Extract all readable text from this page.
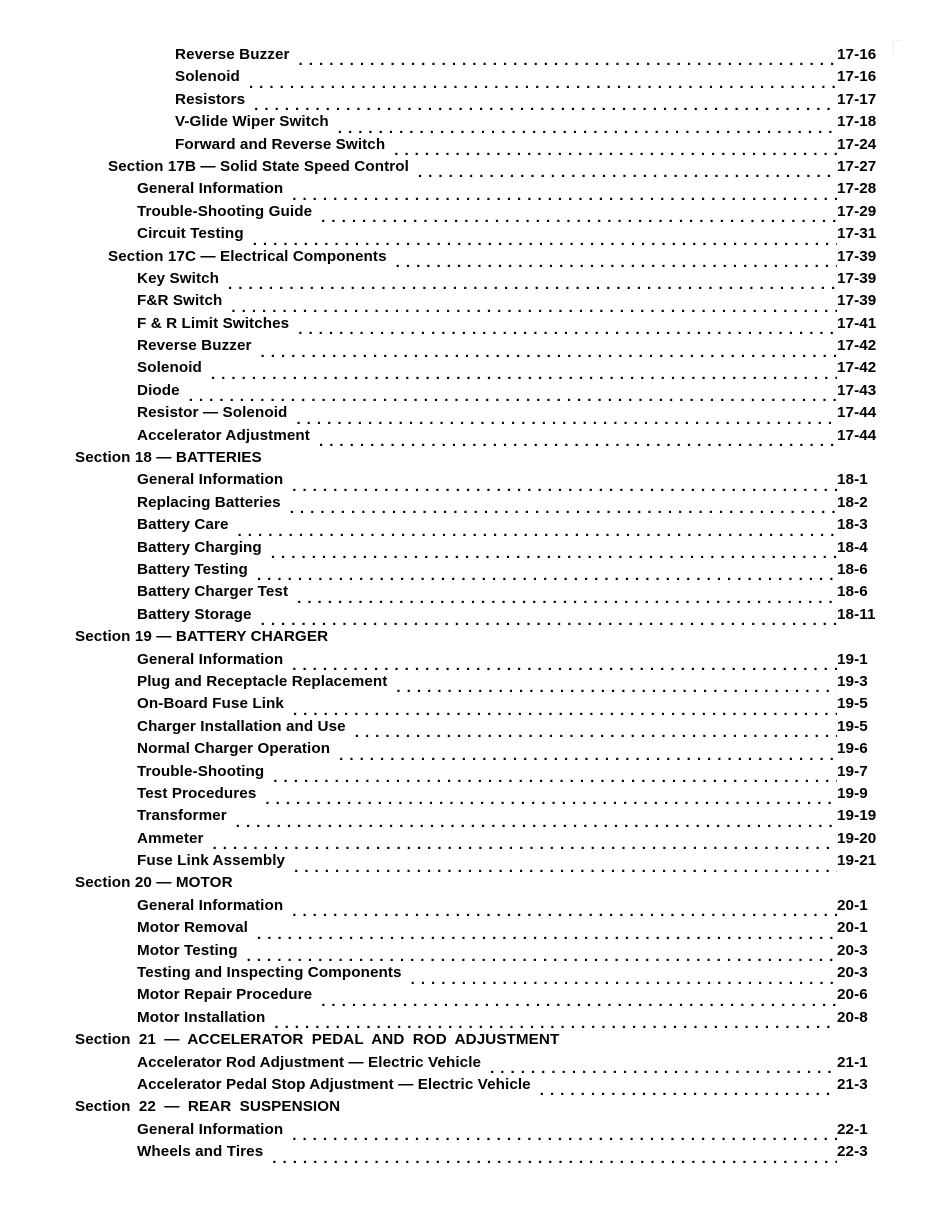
Reverse Buzzer .....	17-16
Solenoid .....	17-16
Resistors .....	17-17
V-Glide Wiper Switch .....	17-18
Forward and Reverse Switch .....	17-24
Section 17B — Solid State Speed Control .....	17-27
General Information .....	17-28
Trouble-Shooting Guide .....	17-29
Circuit Testing .....	17-31
Section 17C — Electrical Components .....	17-39
Key Switch .....	17-39
F&R Switch .....	17-39
F & R Limit Switches .....	17-41
Reverse Buzzer .....	17-42
Solenoid .....	17-42
Diode .....	17-43
Resistor — Solenoid .....	17-44
Accelerator Adjustment .....	17-44
Section 18 — BATTERIES
General Information .....	18-1
Replacing Batteries .....	18-2
Battery Care .....	18-3
Battery Charging .....	18-4
Battery Testing .....	18-6
Battery Charger Test .....	18-6
Battery Storage .....	18-11
Section 19 — BATTERY CHARGER
General Information .....	19-1
Plug and Receptacle Replacement .....	19-3
On-Board Fuse Link .....	19-5
Charger Installation and Use .....	19-5
Normal Charger Operation .....	19-6
Trouble-Shooting .....	19-7
Test Procedures .....	19-9
Transformer .....	19-19
Ammeter .....	19-20
Fuse Link Assembly .....	19-21
Section 20 — MOTOR
General Information .....	20-1
Motor Removal .....	20-1
Motor Testing .....	20-3
Testing and Inspecting Components .....	20-3
Motor Repair Procedure .....	20-6
Motor Installation .....	20-8
Section 21 — ACCELERATOR PEDAL AND ROD ADJUSTMENT
Accelerator Rod Adjustment — Electric Vehicle .....	21-1
Accelerator Pedal Stop Adjustment — Electric Vehicle .....	21-3
Section 22 — REAR SUSPENSION
General Information .....	22-1
Wheels and Tires .....	22-3
